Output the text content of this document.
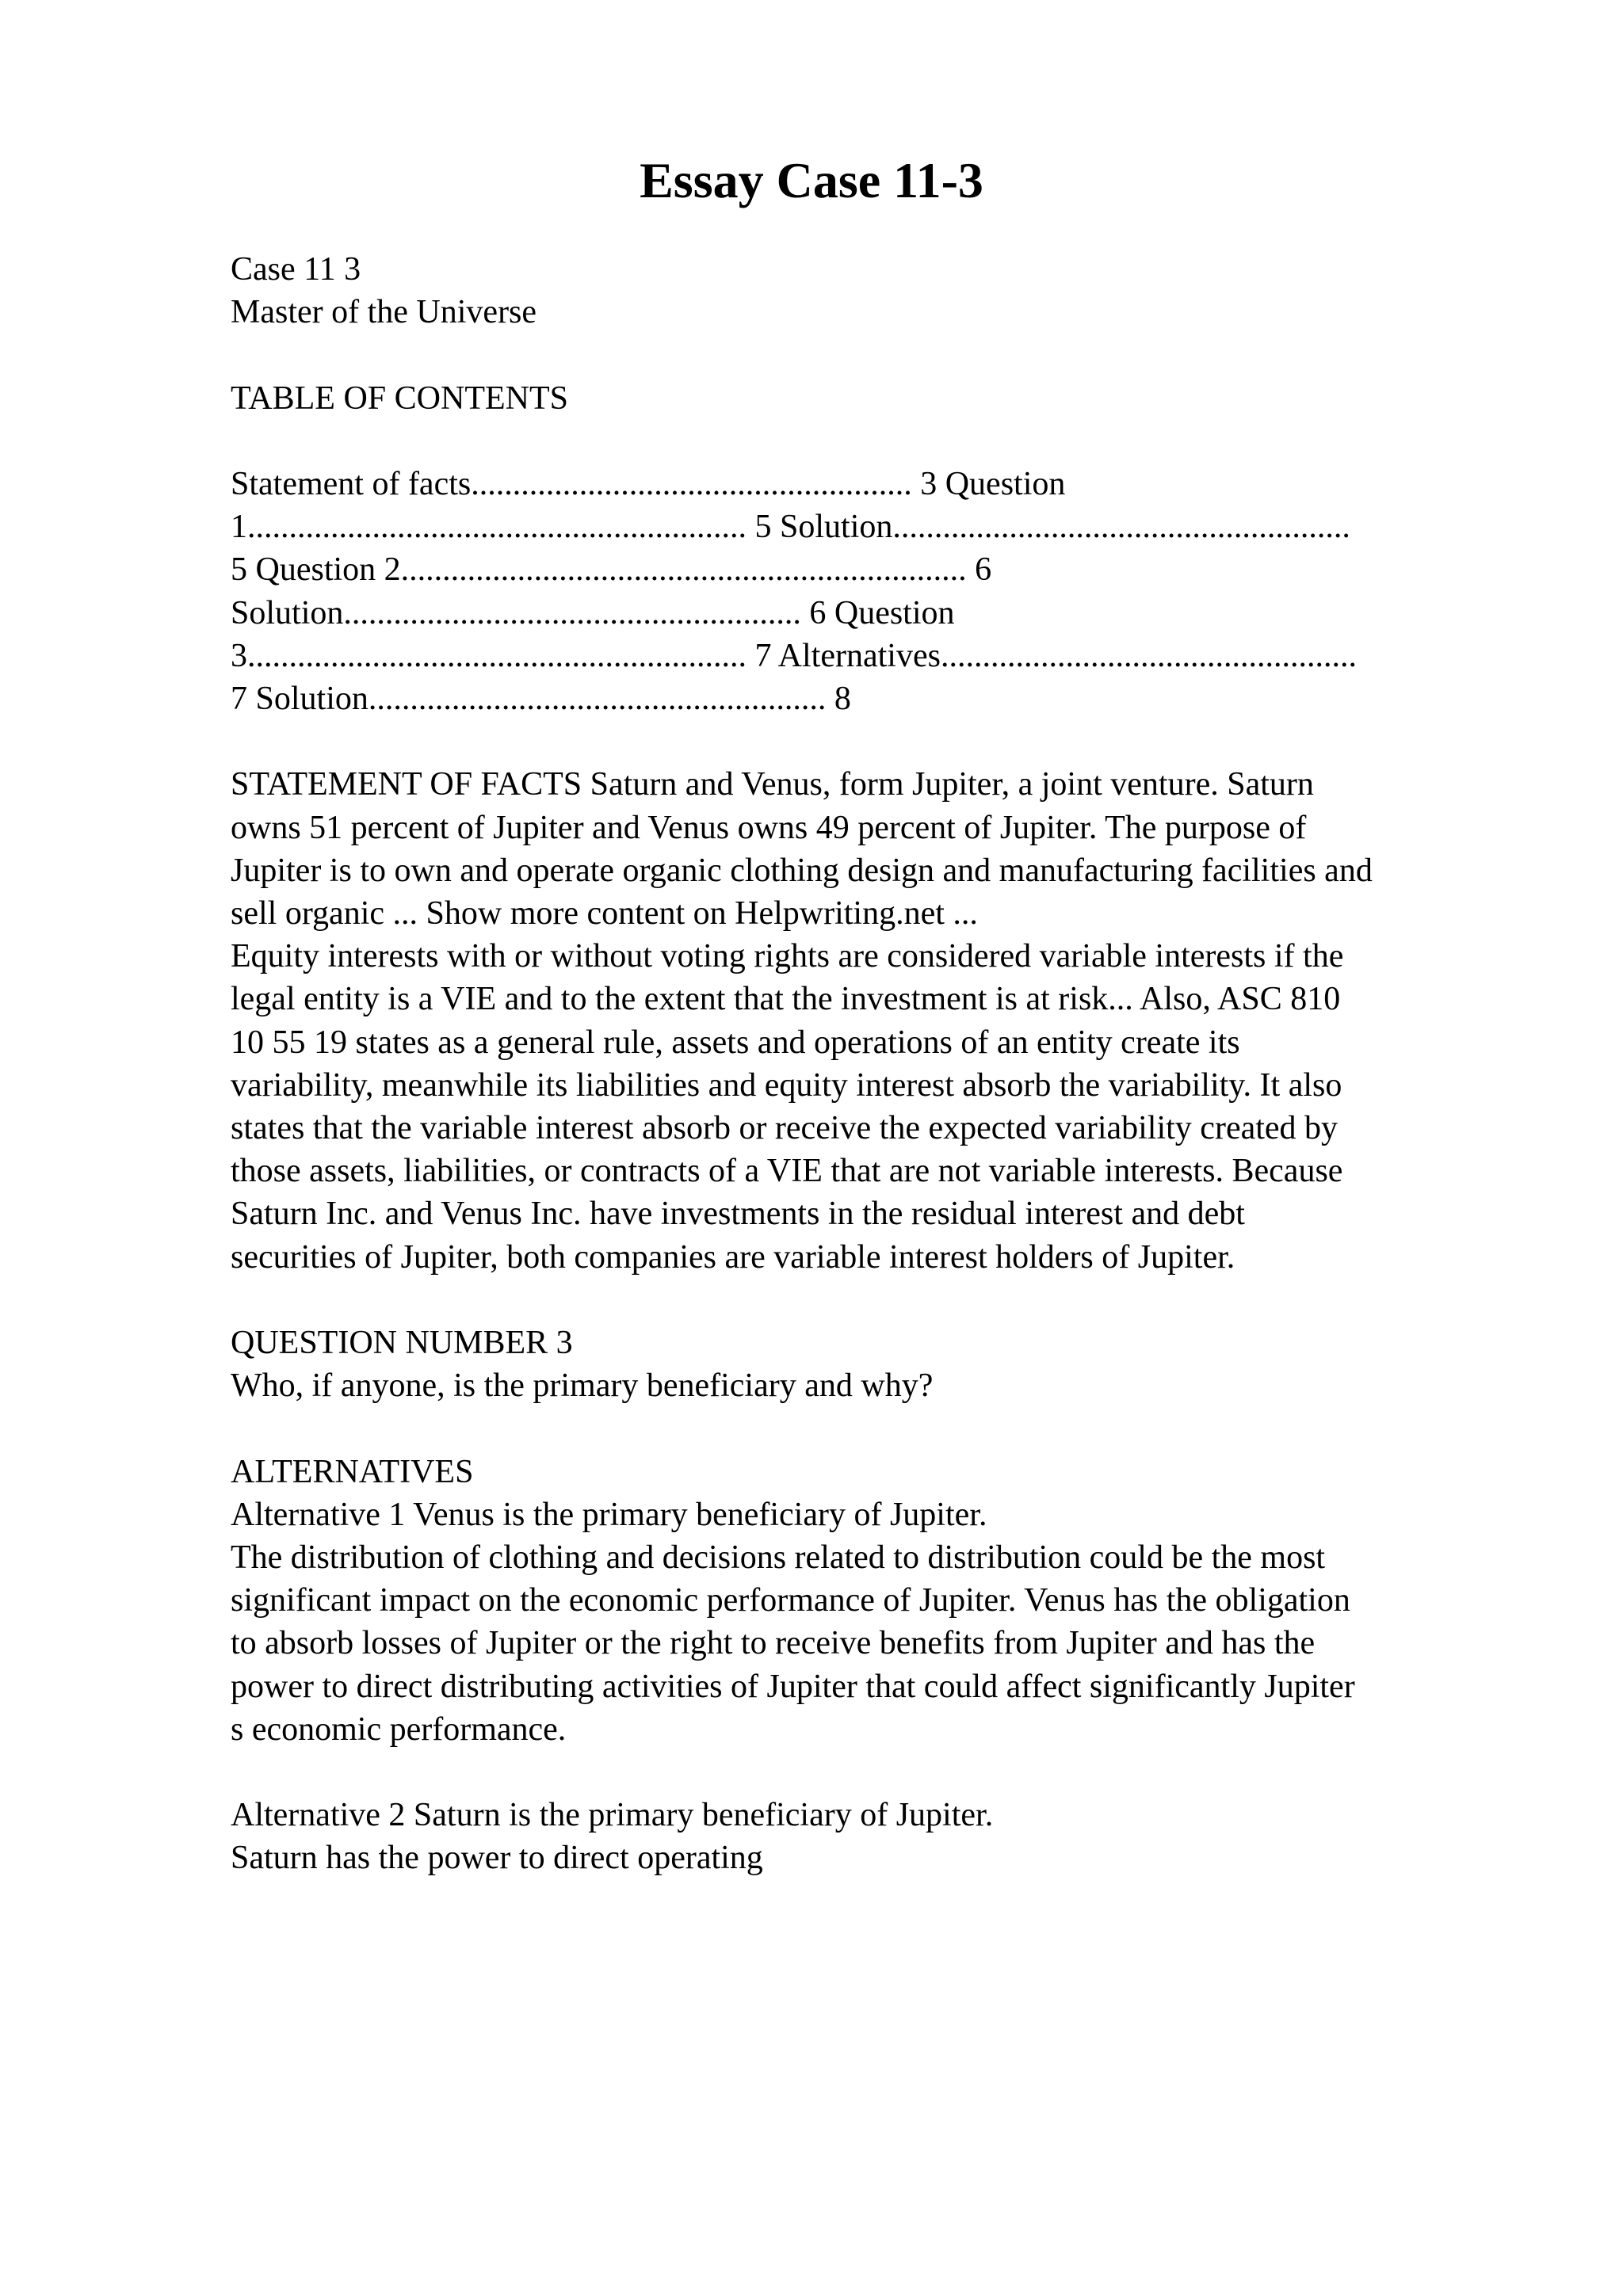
Essay Case 11-3
Case 11 3
Master of the Universe
TABLE OF CONTENTS
Statement of facts..................................................... 3 Question
1............................................................ 5 Solution.......................................................
5 Question 2.................................................................... 6
Solution....................................................... 6 Question
3............................................................ 7 Alternatives..................................................
7 Solution....................................................... 8
STATEMENT OF FACTS Saturn and Venus, form Jupiter, a joint venture. Saturn
owns 51 percent of Jupiter and Venus owns 49 percent of Jupiter. The purpose of
Jupiter is to own and operate organic clothing design and manufacturing facilities and
sell organic ... Show more content on Helpwriting.net ...
Equity interests with or without voting rights are considered variable interests if the
legal entity is a VIE and to the extent that the investment is at risk... Also, ASC 810
10 55 19 states as a general rule, assets and operations of an entity create its
variability, meanwhile its liabilities and equity interest absorb the variability. It also
states that the variable interest absorb or receive the expected variability created by
those assets, liabilities, or contracts of a VIE that are not variable interests. Because
Saturn Inc. and Venus Inc. have investments in the residual interest and debt
securities of Jupiter, both companies are variable interest holders of Jupiter.
QUESTION NUMBER 3
Who, if anyone, is the primary beneficiary and why?
ALTERNATIVES
Alternative 1 Venus is the primary beneficiary of Jupiter.
The distribution of clothing and decisions related to distribution could be the most
significant impact on the economic performance of Jupiter. Venus has the obligation
to absorb losses of Jupiter or the right to receive benefits from Jupiter and has the
power to direct distributing activities of Jupiter that could affect significantly Jupiter
s economic performance.
Alternative 2 Saturn is the primary beneficiary of Jupiter.
Saturn has the power to direct operating
